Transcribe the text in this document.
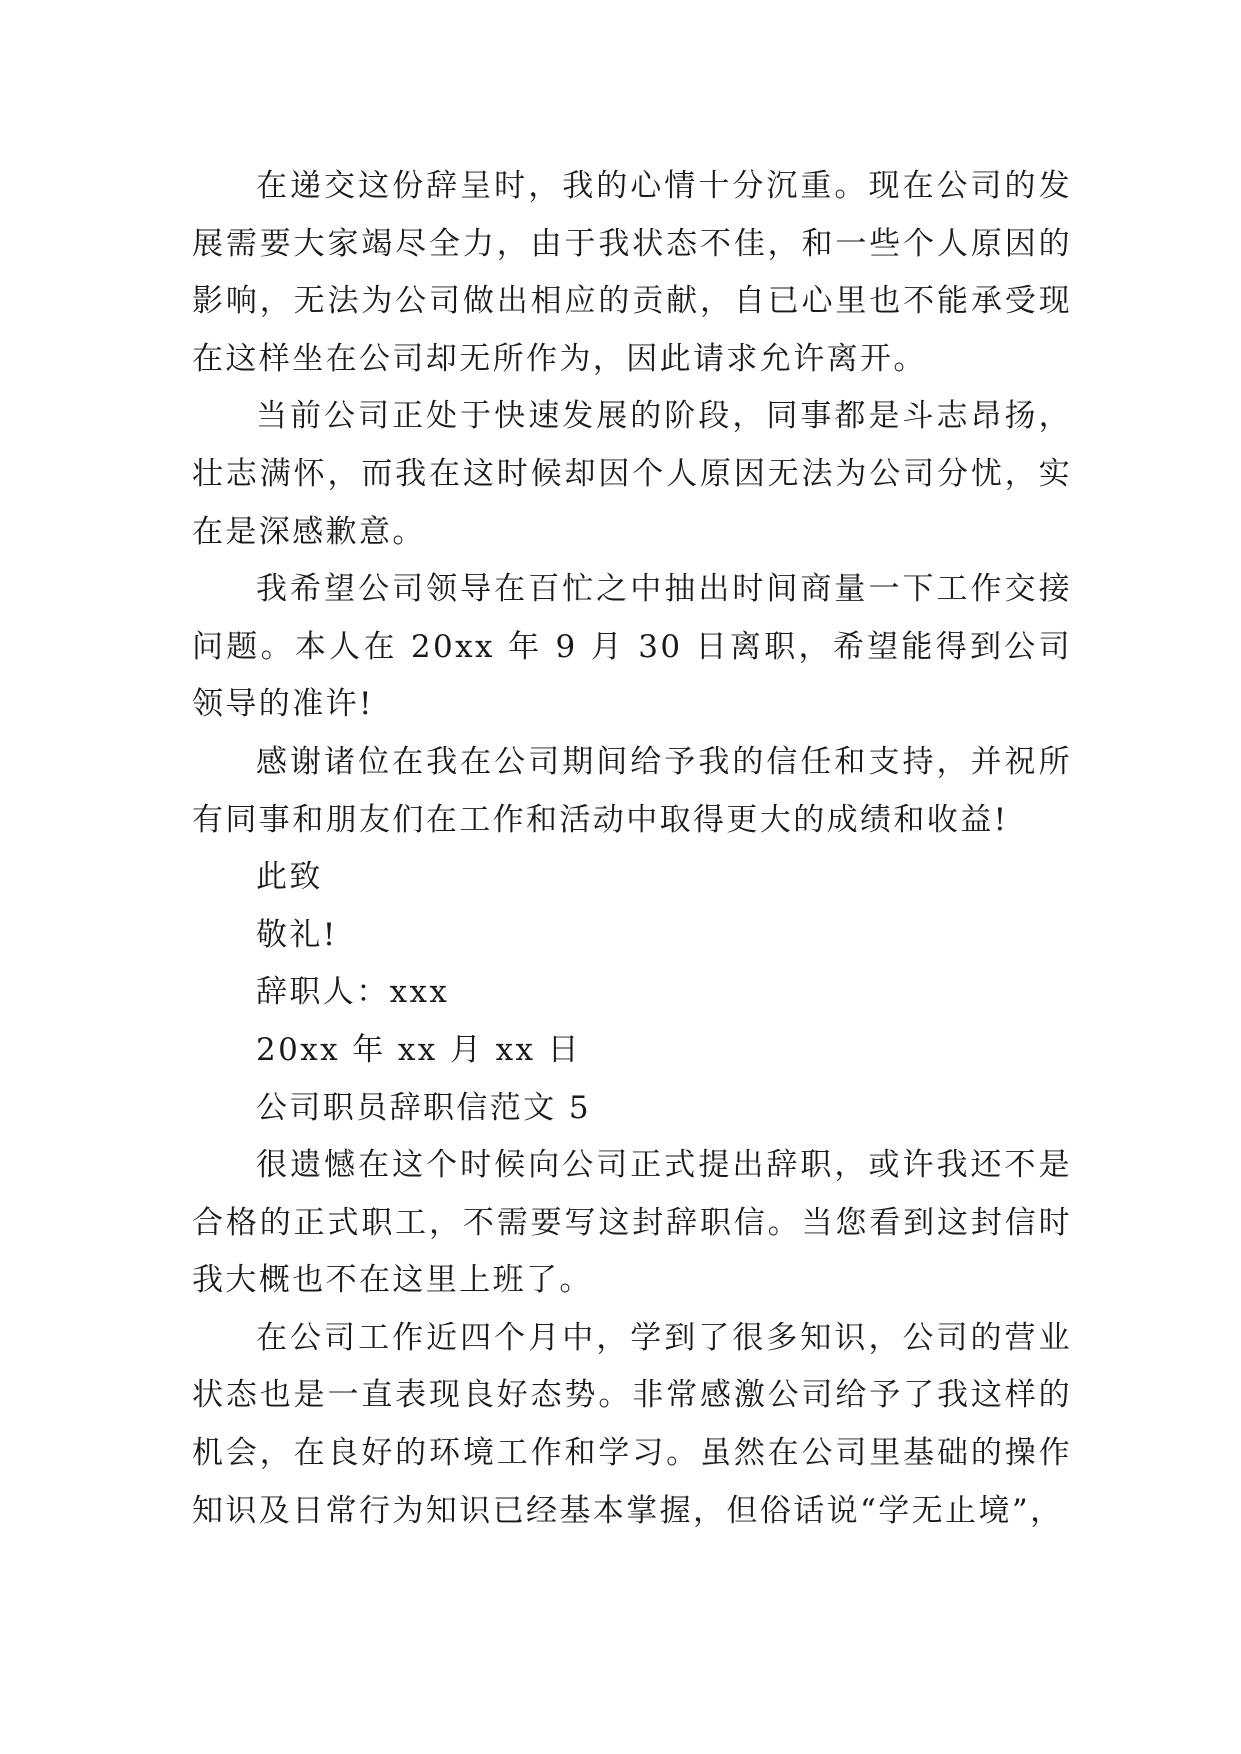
在递交这份辞呈时，我的心情十分沉重。现在公司的发展需要大家竭尽全力，由于我状态不佳，和一些个人原因的影响，无法为公司做出相应的贡献，自已心里也不能承受现在这样坐在公司却无所作为，因此请求允许离开。

当前公司正处于快速发展的阶段，同事都是斗志昂扬，壮志满怀，而我在这时候却因个人原因无法为公司分忧，实在是深感歉意。

我希望公司领导在百忙之中抽出时间商量一下工作交接问题。本人在 20xx 年 9 月 30 日离职，希望能得到公司领导的准许!

感谢诸位在我在公司期间给予我的信任和支持，并祝所有同事和朋友们在工作和活动中取得更大的成绩和收益!

此致

敬礼!

辞职人：xxx

20xx 年 xx 月 xx 日

公司职员辞职信范文 5

很遗憾在这个时候向公司正式提出辞职，或许我还不是合格的正式职工，不需要写这封辞职信。当您看到这封信时我大概也不在这里上班了。

在公司工作近四个月中，学到了很多知识，公司的营业状态也是一直表现良好态势。非常感激公司给予了我这样的机会，在良好的环境工作和学习。虽然在公司里基础的操作知识及日常行为知识已经基本掌握，但俗话说“学无止境”，
